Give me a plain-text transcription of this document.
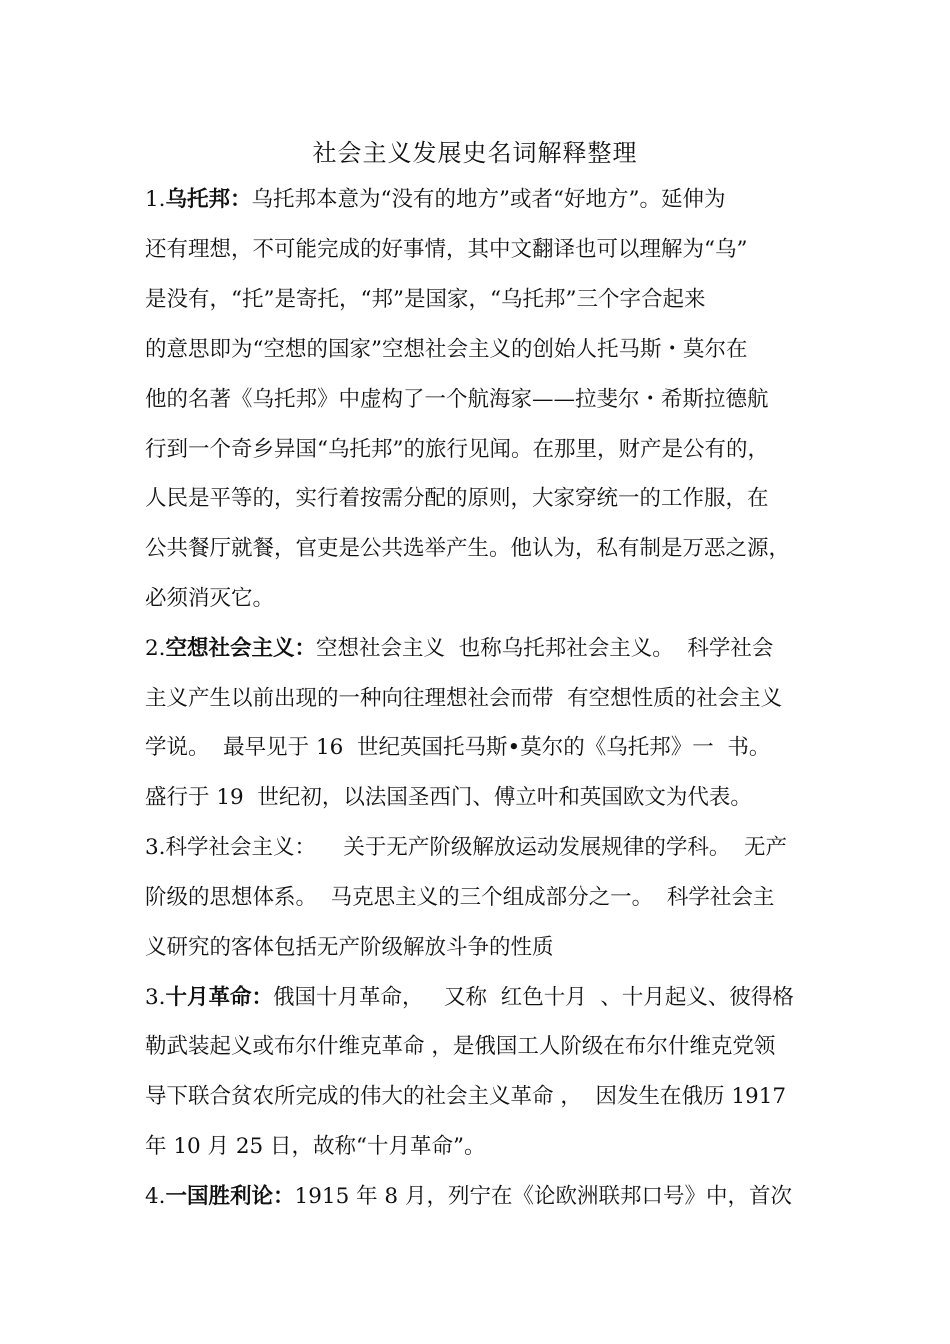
社会主义发展史名词解释整理
1.乌托邦：乌托邦本意为“没有的地方”或者“好地方”。延伸为
还有理想，不可能完成的好事情，其中文翻译也可以理解为“乌”
是没有，“托”是寄托，“邦”是国家，“乌托邦”三个字合起来
的意思即为“空想的国家”空想社会主义的创始人托马斯・莫尔在
他的名著《乌托邦》中虚构了一个航海家——拉斐尔・希斯拉德航
行到一个奇乡异国“乌托邦”的旅行见闻。在那里，财产是公有的，
人民是平等的，实行着按需分配的原则，大家穿统一的工作服，在
公共餐厅就餐，官吏是公共选举产生。他认为，私有制是万恶之源，
必须消灭它。
2.空想社会主义：空想社会主义  也称乌托邦社会主义。  科学社会
主义产生以前出现的一种向往理想社会而带  有空想性质的社会主义
学说。  最早见于 16  世纪英国托马斯•莫尔的《乌托邦》一  书。
盛行于 19  世纪初，以法国圣西门、傅立叶和英国欧文为代表。
3.科学社会主义：    关于无产阶级解放运动发展规律的学科。  无产
阶级的思想体系。  马克思主义的三个组成部分之一。  科学社会主
义研究的客体包括无产阶级解放斗争的性质
3.十月革命：俄国十月革命，   又称  红色十月  、十月起义、彼得格
勒武装起义或布尔什维克革命 ，是俄国工人阶级在布尔什维克党领
导下联合贫农所完成的伟大的社会主义革命 ，  因发生在俄历 1917
年 10 月 25 日，故称“十月革命”。
4.一国胜利论：1915 年 8 月，列宁在《论欧洲联邦口号》中，首次
